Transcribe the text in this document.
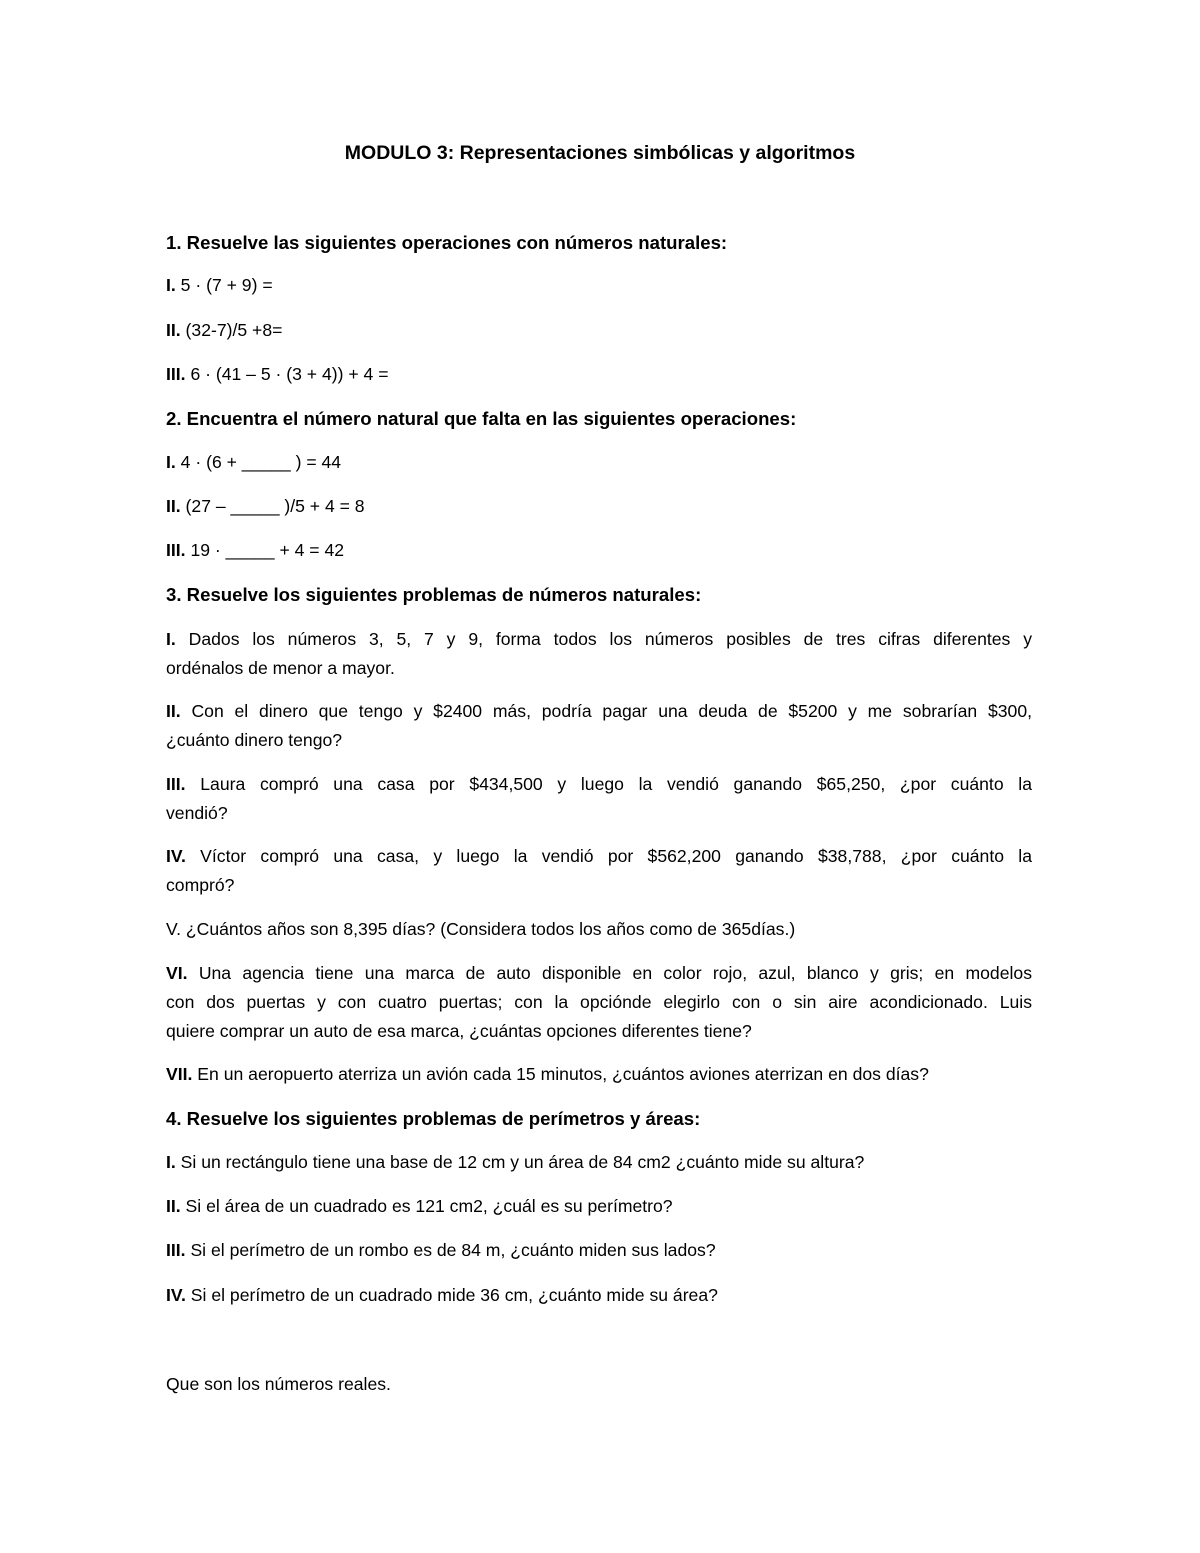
MODULO 3: Representaciones simbólicas y algoritmos
1. Resuelve las siguientes operaciones con números naturales:
I. 5 · (7 + 9) =
II. (32-7)/5 +8=
III. 6 · (41 – 5 · (3 + 4)) + 4 =
2. Encuentra el número natural que falta en las siguientes operaciones:
I. 4 · (6 + _____ ) = 44
II. (27 – _____ )/5 + 4 = 8
III. 19 · _____ + 4 = 42
3. Resuelve los siguientes problemas de números naturales:
I. Dados los números 3, 5, 7 y 9, forma todos los números posibles de tres cifras diferentes y
ordénalos de menor a mayor.
II. Con el dinero que tengo y $2400 más, podría pagar una deuda de $5200 y me sobrarían $300,
¿cuánto dinero tengo?
III. Laura compró una casa por $434,500 y luego la vendió ganando $65,250, ¿por cuánto la
vendió?
IV. Víctor compró una casa, y luego la vendió por $562,200 ganando $38,788, ¿por cuánto la
compró?
V. ¿Cuántos años son 8,395 días? (Considera todos los años como de 365días.)
VI. Una agencia tiene una marca de auto disponible en color rojo, azul, blanco y gris; en modelos
con dos puertas y con cuatro puertas; con la opciónde elegirlo con o sin aire acondicionado. Luis
quiere comprar un auto de esa marca, ¿cuántas opciones diferentes tiene?
VII. En un aeropuerto aterriza un avión cada 15 minutos, ¿cuántos aviones aterrizan en dos días?
4. Resuelve los siguientes problemas de perímetros y áreas:
I. Si un rectángulo tiene una base de 12 cm y un área de 84 cm2 ¿cuánto mide su altura?
II. Si el área de un cuadrado es 121 cm2, ¿cuál es su perímetro?
III. Si el perímetro de un rombo es de 84 m, ¿cuánto miden sus lados?
IV. Si el perímetro de un cuadrado mide 36 cm, ¿cuánto mide su área?
Que son los números reales.
